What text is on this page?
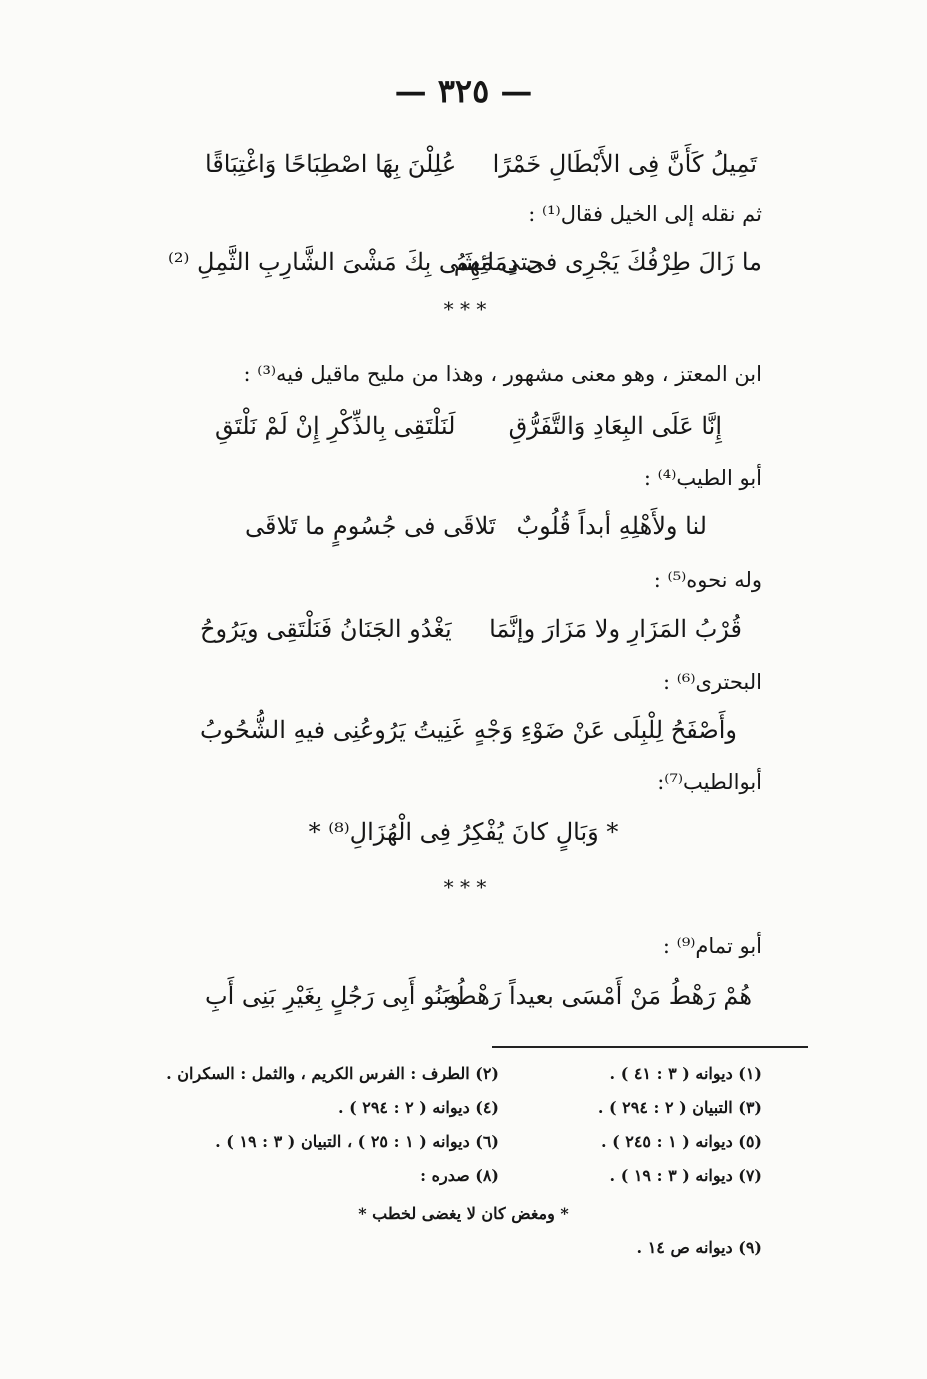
— ٣٢٥ —
تَمِيلُ كَأَنَّ فِى الأَبْطَالِ خَمْرًا
عُلِلْنَ بِهَا اصْطِبَاحًا وَاغْتِبَاقًا
ثم نقله إلى الخيل فقال⁽¹⁾ :
ما زَالَ طِرْفُكَ يَجْرِى فى دِمَائِهِمُ
حتى مَشَى بِكَ مَشْىَ الشَّارِبِ الثَّمِلِ ⁽²⁾
* * *
ابن المعتز ، وهو معنى مشهور ، وهذا من مليح ماقيل فيه⁽³⁾ :
إِنَّا عَلَى البِعَادِ وَالتَّفَرُّقِ
لَنَلْتَقِى بِالذِّكْرِ إِنْ لَمْ نَلْتَقِ
أبو الطيب⁽⁴⁾ :
لنا ولأَهْلِهِ أبداً قُلُوبٌ
تَلاقَى فى جُسُومٍ ما تَلاقَى
وله نحوه⁽⁵⁾ :
قُرْبُ المَزَارِ ولا مَزَارَ وإنَّمَا
يَغْدُو الجَنَانُ فَنَلْتَقِى ويَرُوحُ
البحترى⁽⁶⁾ :
وأَصْفَحُ لِلْبِلَى عَنْ ضَوْءِ وَجْهٍ
غَنِيتُ يَرُوعُنِى فيهِ الشُّحُوبُ
أبوالطيب⁽⁷⁾:
* وَبَالٍ كانَ يُفْكِرُ فِى الْهُزَالِ⁽⁸⁾ *
* * *
أبو تمام⁽⁹⁾ :
هُمْ رَهْطُ مَنْ أَمْسَى بعيداً رَهْطُه
وبَنُو أَبِى رَجُلٍ بِغَيْرِ بَنِى أَبِ
(١) ديوانه ( ٣ : ٤١ ) .
(٢) الطرف : الفرس الكريم ، والثمل : السكران .
(٣) التبيان ( ٢ : ٢٩٤ ) .
(٤) ديوانه ( ٢ : ٢٩٤ ) .
(٥) ديوانه ( ١ : ٢٤٥ ) .
(٦) ديوانه ( ١ : ٢٥ ) ، التبيان ( ٣ : ١٩ ) .
(٧) ديوانه ( ٣ : ١٩ ) .
(٨) صدره :
* ومغض كان لا يغضى لخطب *
(٩) ديوانه ص ١٤ .
